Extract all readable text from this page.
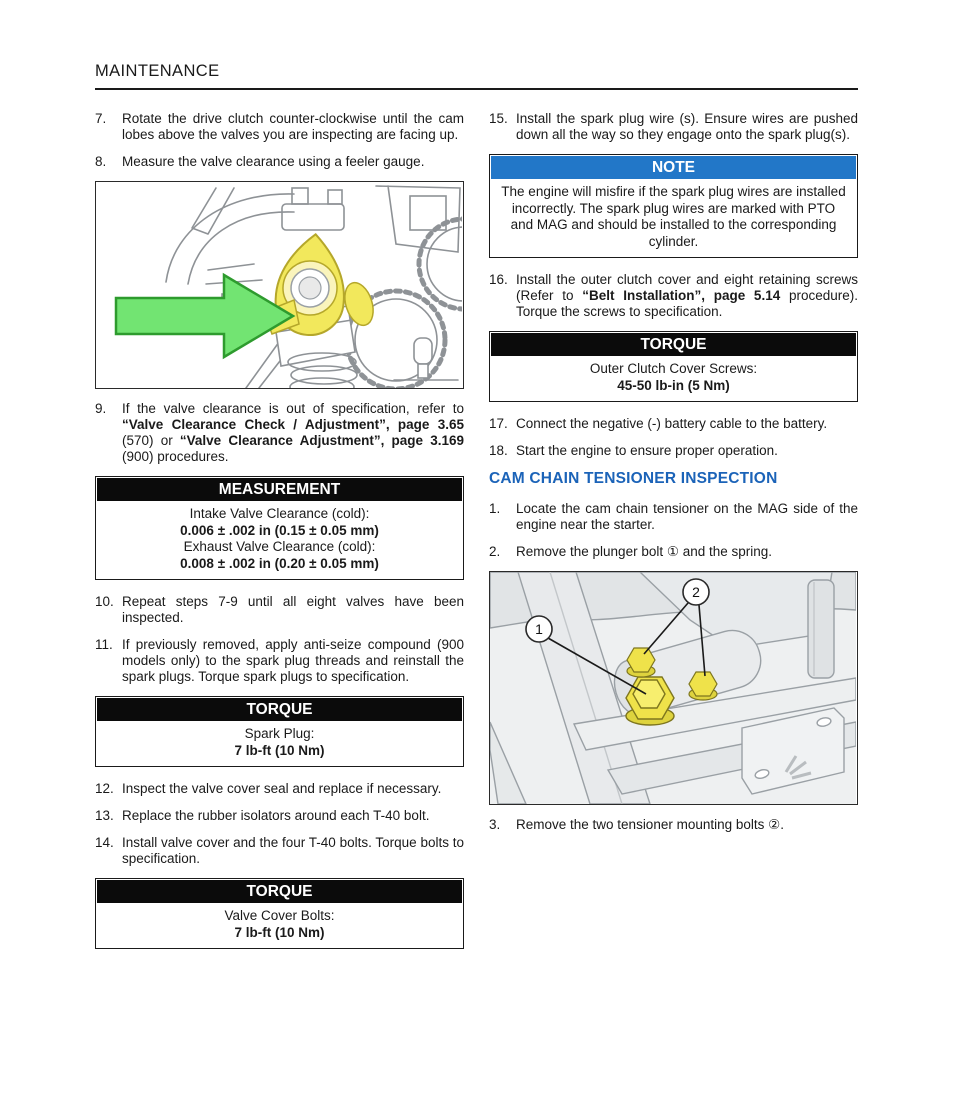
MAINTENANCE
7.	Rotate the drive clutch counter-clockwise until the cam lobes above the valves you are inspecting are facing up.
8.	Measure the valve clearance using a feeler gauge.
9.	If the valve clearance is out of specification, refer to “Valve Clearance Check / Adjustment”, page 3.65 (570) or “Valve Clearance Adjustment”, page 3.169 (900) procedures.
MEASUREMENT
Intake Valve Clearance (cold):
0.006 ± .002 in (0.15 ± 0.05 mm)
Exhaust Valve Clearance (cold):
0.008 ± .002 in (0.20 ± 0.05 mm)
10. Repeat steps 7-9 until all eight valves have been inspected.
11. If previously removed, apply anti-seize compound (900 models only) to the spark plug threads and reinstall the spark plugs. Torque spark plugs to specification.
TORQUE
Spark Plug:
7 lb-ft (10 Nm)
12. Inspect the valve cover seal and replace if necessary.
13. Replace the rubber isolators around each T-40 bolt.
14. Install valve cover and the four T-40 bolts. Torque bolts to specification.
TORQUE
Valve Cover Bolts:
7 lb-ft (10 Nm)
15. Install the spark plug wire (s). Ensure wires are pushed down all the way so they engage onto the spark plug(s).
NOTE
The engine will misfire if the spark plug wires are installed incorrectly. The spark plug wires are marked with PTO and MAG and should be installed to the corresponding cylinder.
16. Install the outer clutch cover and eight retaining screws (Refer to “Belt Installation”, page 5.14 procedure). Torque the screws to specification.
TORQUE
Outer Clutch Cover Screws:
45-50 lb-in (5 Nm)
17. Connect the negative (-) battery cable to the battery.
18. Start the engine to ensure proper operation.
CAM CHAIN TENSIONER INSPECTION
1.	Locate the cam chain tensioner on the MAG side of the engine near the starter.
2.	Remove the plunger bolt ① and the spring.
1
2
3.	Remove the two tensioner mounting bolts ②.
